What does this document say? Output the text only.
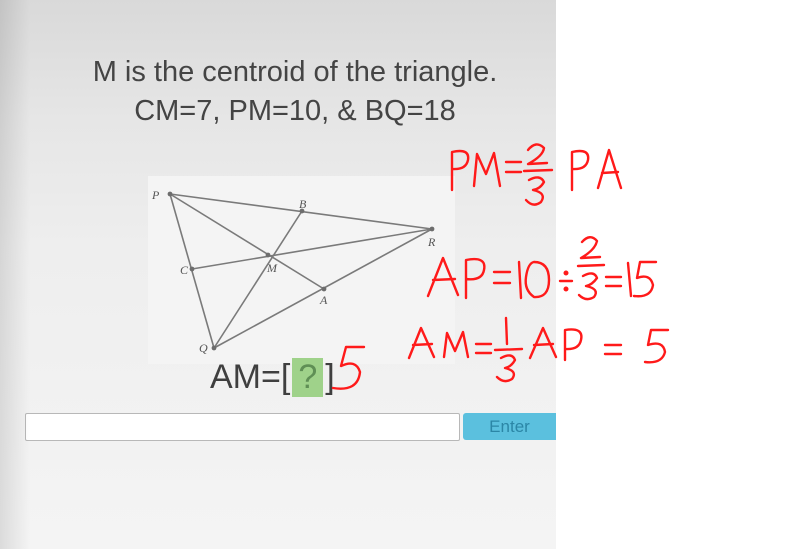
M is the centroid of the triangle.
CM=7, PM=10, & BQ=18
P
Q
R
A
B
C	M
AM=[ ? ]
Enter
PM = 2/3 PA AP = 10 ÷ 2/3 = 15 AM = 1/3 AP = 5
